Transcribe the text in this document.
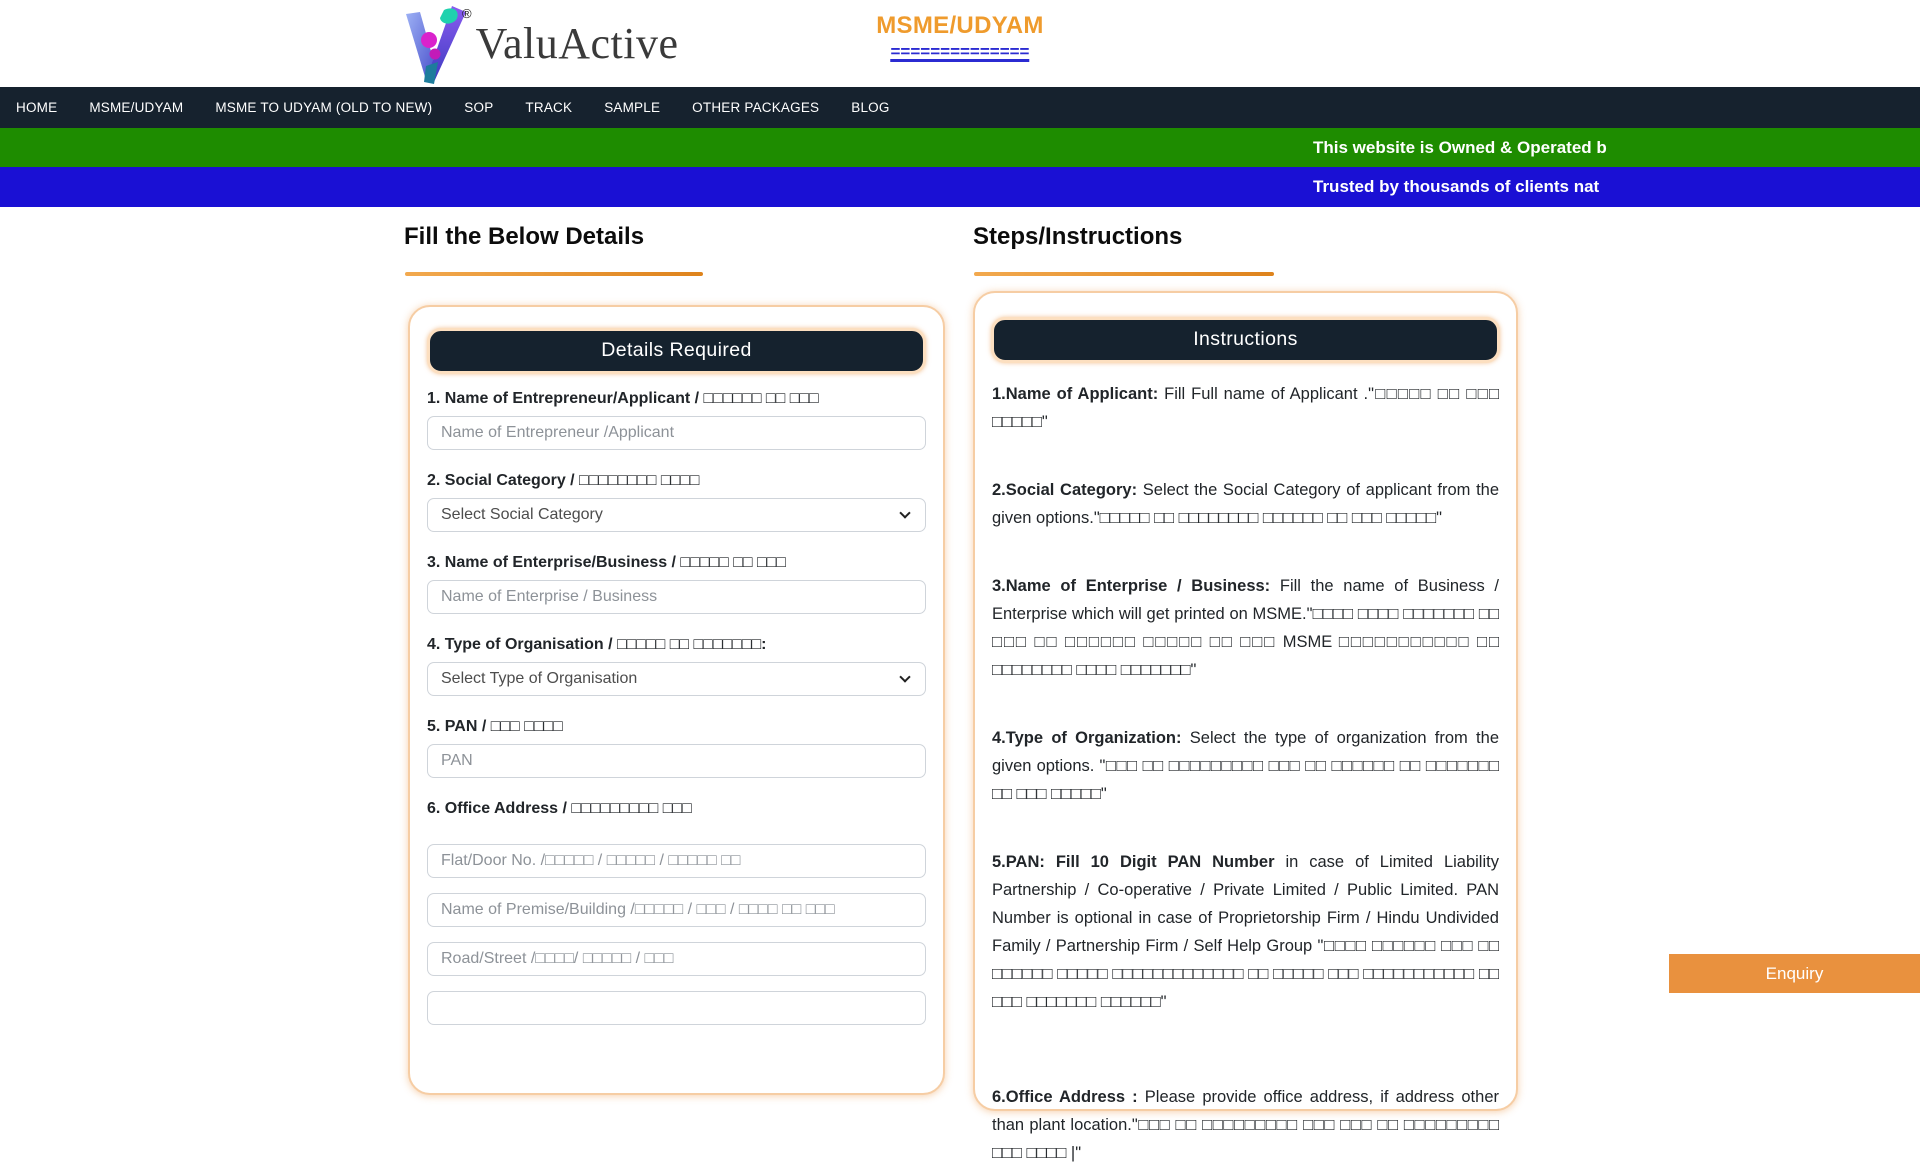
®
ValuActive	MSME/UDYAM
==============
HOME	MSME/UDYAM	MSME TO UDYAM (OLD TO NEW)	SOP	TRACK	SAMPLE	OTHER PACKAGES	BLOG
This website is Owned & Operated b
Trusted by thousands of clients nat
Fill the Below Details	Steps/Instructions
Details Required
1. Name of Entrepreneur/Applicant / □□□□□□ □□ □□□
Name of Entrepreneur /Applicant
2. Social Category / □□□□□□□□ □□□□
Select Social Category
3. Name of Enterprise/Business / □□□□□ □□ □□□
Name of Enterprise / Business
4. Type of Organisation / □□□□□ □□ □□□□□□□:
Select Type of Organisation
5. PAN / □□□ □□□□
PAN
6. Office Address / □□□□□□□□□ □□□
Flat/Door No. /□□□□□ / □□□□□ / □□□□□ □□
Name of Premise/Building /□□□□□ / □□□ / □□□□ □□ □□□
Road/Street /□□□□/ □□□□□ / □□□
Instructions

1.Name of Applicant: Fill Full name of Applicant ."□□□□□ □□ □□□ □□□□□"

2.Social Category: Select the Social Category of applicant from the given options."□□□□□ □□ □□□□□□□□ □□□□□□ □□ □□□ □□□□□"

3.Name of Enterprise / Business: Fill the name of Business / Enterprise which will get printed on MSME."□□□□ □□□□ □□□□□□□ □□ □□□ □□ □□□□□□ □□□□□ □□ □□□ MSME □□□□□□□□□□□ □□ □□□□□□□□ □□□□ □□□□□□□"

4.Type of Organization: Select the type of organization from the given options. "□□□ □□ □□□□□□□□□ □□□ □□ □□□□□□ □□ □□□□□□□ □□ □□□ □□□□□"

5.PAN: Fill 10 Digit PAN Number in case of Limited Liability Partnership / Co-operative / Private Limited / Public Limited. PAN Number is optional in case of Proprietorship Firm / Hindu Undivided Family / Partnership Firm / Self Help Group "□□□□ □□□□□□ □□□ □□ □□□□□□ □□□□□ □□□□□□□□□□□□□ □□ □□□□□ □□□ □□□□□□□□□□□ □□ □□□ □□□□□□□ □□□□□□"

6.Office Address : Please provide office address, if address other than plant location."□□□ □□ □□□□□□□□□ □□□ □□□ □□ □□□□□□□□□ □□□ □□□□ |"

Enquiry
